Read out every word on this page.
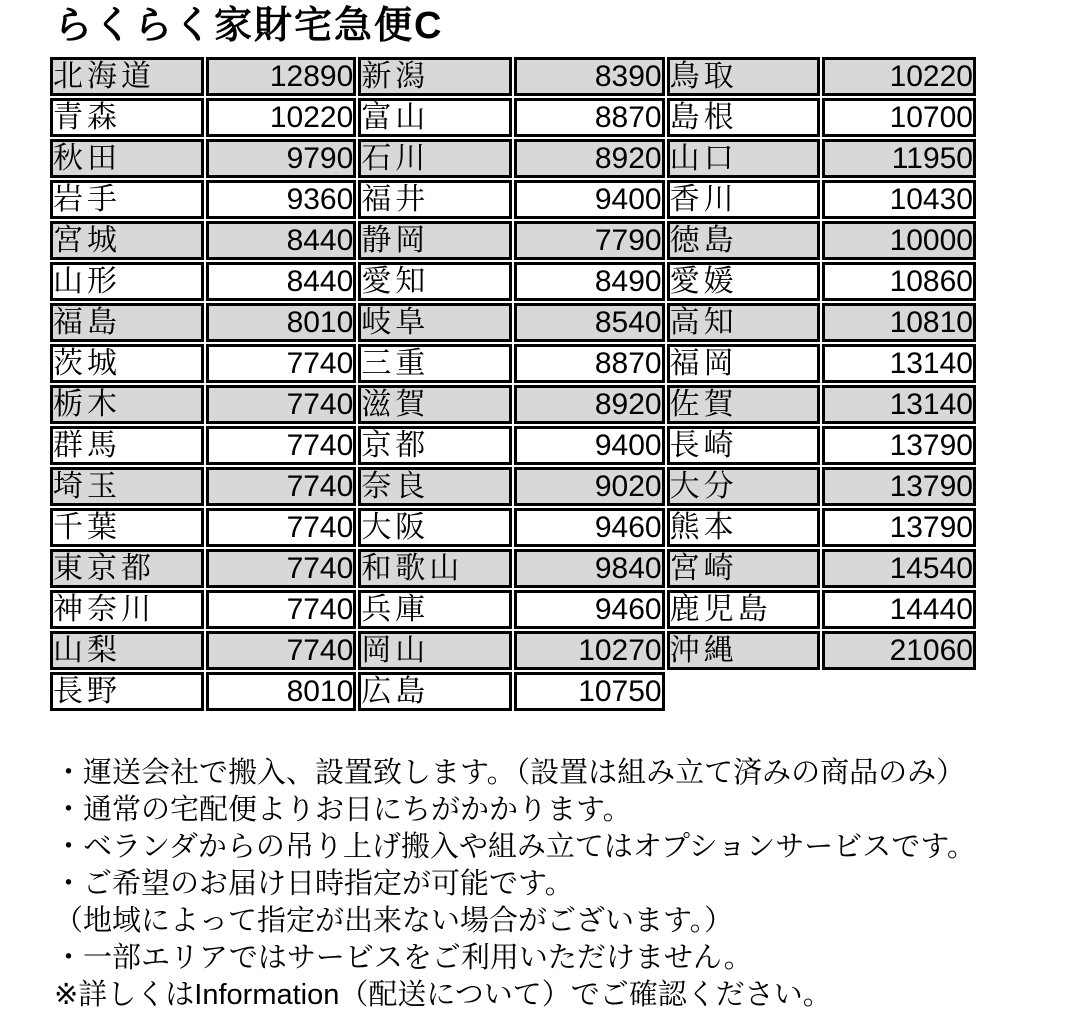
らくらく家財宅急便C
北海道	12890	新潟	8390	鳥取	10220
青森	10220	富山	8870	島根	10700
秋田	9790	石川	8920	山口	11950
岩手	9360	福井	9400	香川	10430
宮城	8440	静岡	7790	徳島	10000
山形	8440	愛知	8490	愛媛	10860
福島	8010	岐阜	8540	高知	10810
茨城	7740	三重	8870	福岡	13140
栃木	7740	滋賀	8920	佐賀	13140
群馬	7740	京都	9400	長崎	13790
埼玉	7740	奈良	9020	大分	13790
千葉	7740	大阪	9460	熊本	13790
東京都	7740	和歌山	9840	宮崎	14540
神奈川	7740	兵庫	9460	鹿児島	14440
山梨	7740	岡山	10270	沖縄	21060
長野	8010	広島	10750		
・運送会社で搬入、設置致します。（設置は組み立て済みの商品のみ）
・通常の宅配便よりお日にちがかかります。
・ベランダからの吊り上げ搬入や組み立てはオプションサービスです。
・ご希望のお届け日時指定が可能です。
（地域によって指定が出来ない場合がございます。）
・一部エリアではサービスをご利用いただけません。
※詳しくはInformation（配送について）でご確認ください。
